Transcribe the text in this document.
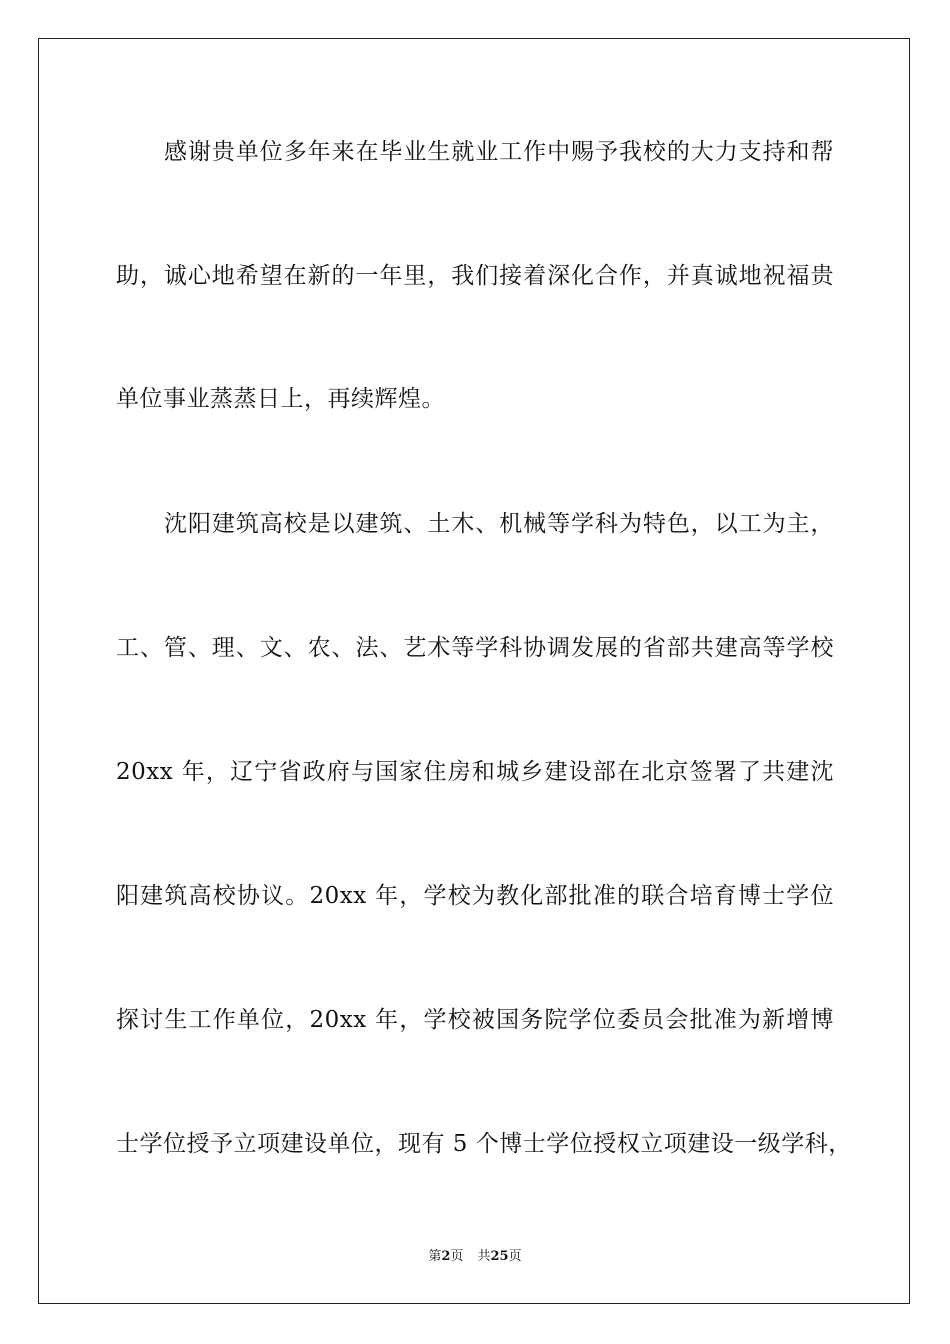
感谢贵单位多年来在毕业生就业工作中赐予我校的大力支持和帮
助，诚心地希望在新的一年里，我们接着深化合作，并真诚地祝福贵
单位事业蒸蒸日上，再续辉煌。
沈阳建筑高校是以建筑、土木、机械等学科为特色，以工为主，
工、管、理、文、农、法、艺术等学科协调发展的省部共建高等学校
20xx 年，辽宁省政府与国家住房和城乡建设部在北京签署了共建沈
阳建筑高校协议。20xx 年，学校为教化部批准的联合培育博士学位
探讨生工作单位，20xx 年，学校被国务院学位委员会批准为新增博
士学位授予立项建设单位，现有 5 个博士学位授权立项建设一级学科，
第2页 共25页
